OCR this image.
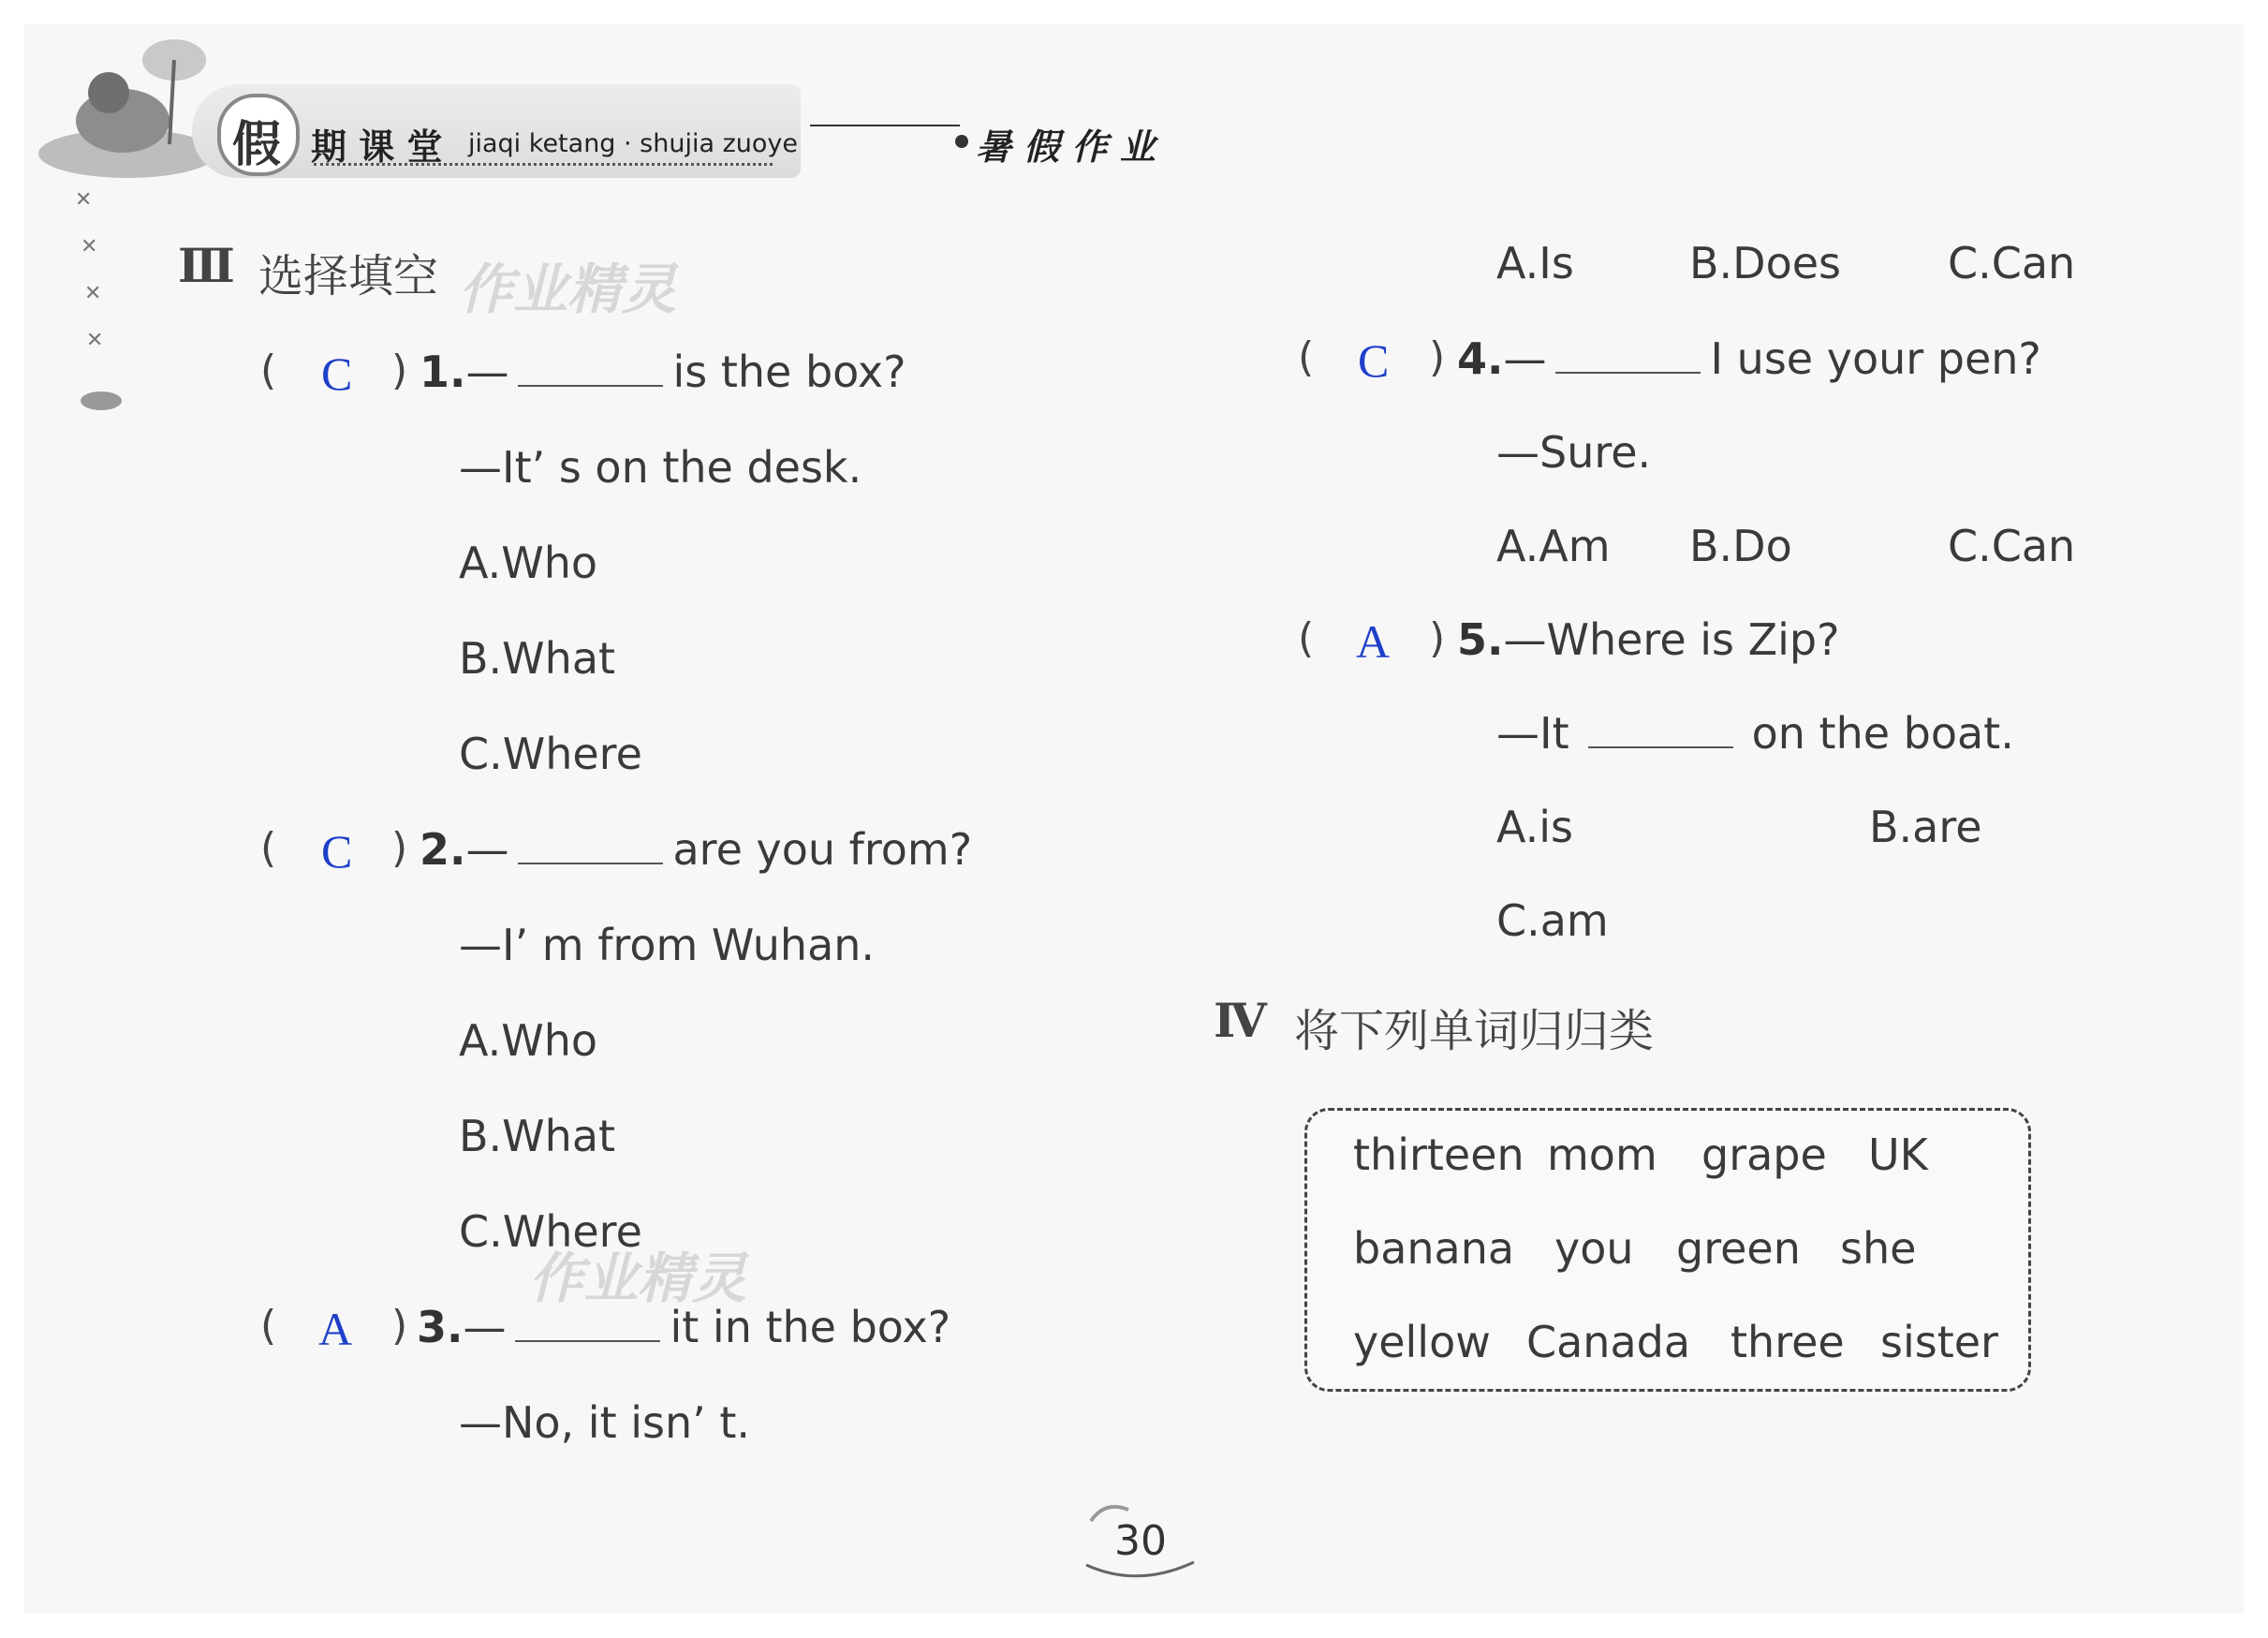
✕
✕
✕
✕
假 期 课 堂 jiaqi ketang · shujia zuoye	暑 假 作 业
Ⅲ 选择填空 作业精灵
( C ) 1.—	is the box?
—It’ s on the desk.
A.Who
B.What
C.Where
( C ) 2.—	are you from?
—I’ m from Wuhan.
A.Who
B.What
C.Where
作业精灵
( A ) 3.—	it in the box?
—No, it isn’ t.
A.Is	B.Does C.Can
( C ) 4.—	I use your pen?
—Sure.
A.Am B.Do	C.Can
( A ) 5.—Where is Zip?
—It	on the boat.
A.is	B.are
C.am
Ⅳ 将下列单词归归类
thirteen mom grape UK
banana you green she
yellow Canada three sister
30
